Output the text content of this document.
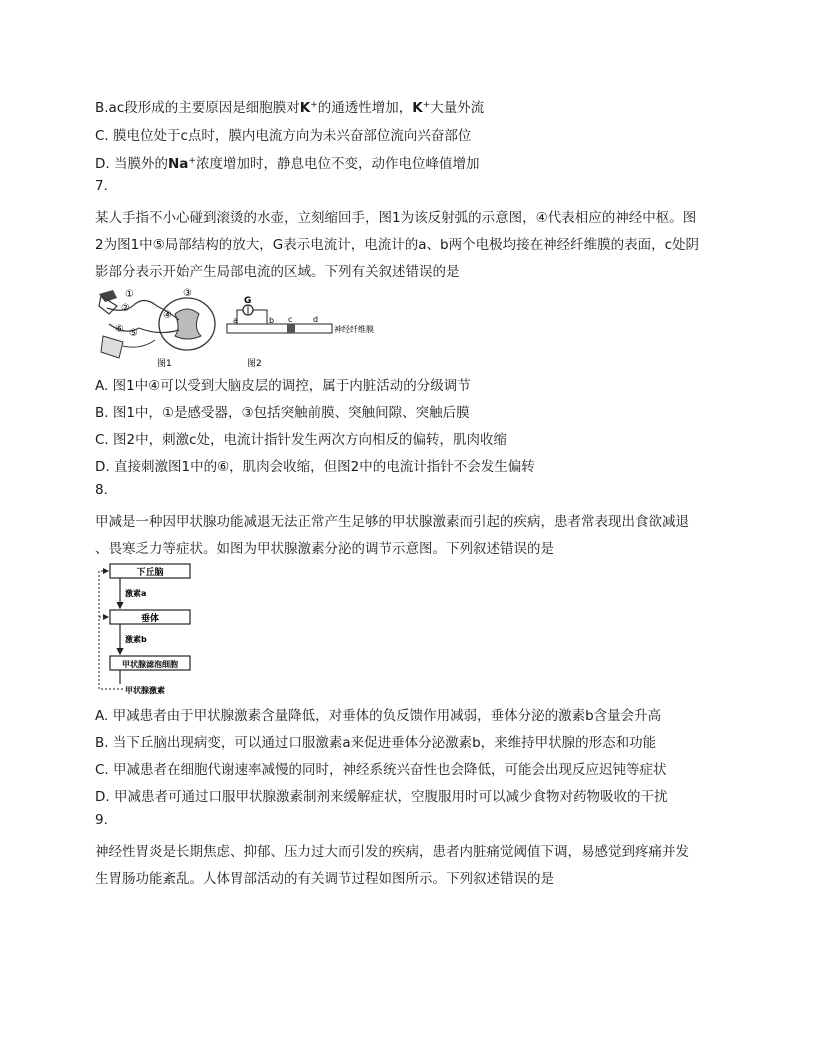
B.ac段形成的主要原因是细胞膜对K+的通透性增加，K+大量外流
C. 膜电位处于c点时，膜内电流方向为未兴奋部位流向兴奋部位
D. 当膜外的Na+浓度增加时，静息电位不变，动作电位峰值增加
7.
某人手指不小心碰到滚烫的水壶，立刻缩回手，图1为该反射弧的示意图，④代表相应的神经中枢。图
2为图1中⑤局部结构的放大，G表示电流计，电流计的a、b两个电极均接在神经纤维膜的表面，c处阴
影部分表示开始产生局部电流的区域。下列有关叙述错误的是
①
②
③
④
⑤
⑥
图1
G
a	b c	d
神经纤维膜
图2
A. 图1中④可以受到大脑皮层的调控，属于内脏活动的分级调节
B. 图1中，①是感受器，③包括突触前膜、突触间隙、突触后膜
C. 图2中，刺激c处，电流计指针发生两次方向相反的偏转，肌肉收缩
D. 直接刺激图1中的⑥，肌肉会收缩，但图2中的电流计指针不会发生偏转
8.
甲减是一种因甲状腺功能减退无法正常产生足够的甲状腺激素而引起的疾病，患者常表现出食欲减退
、畏寒乏力等症状。如图为甲状腺激素分泌的调节示意图。下列叙述错误的是
下丘脑
激素a
垂体
激素b
甲状腺滤泡细胞
甲状腺激素
A. 甲减患者由于甲状腺激素含量降低，对垂体的负反馈作用减弱，垂体分泌的激素b含量会升高
B. 当下丘脑出现病变，可以通过口服激素a来促进垂体分泌激素b，来维持甲状腺的形态和功能
C. 甲减患者在细胞代谢速率减慢的同时，神经系统兴奋性也会降低，可能会出现反应迟钝等症状
D. 甲减患者可通过口服甲状腺激素制剂来缓解症状，空腹服用时可以减少食物对药物吸收的干扰
9.
神经性胃炎是长期焦虑、抑郁、压力过大而引发的疾病，患者内脏痛觉阈值下调，易感觉到疼痛并发
生胃肠功能紊乱。人体胃部活动的有关调节过程如图所示。下列叙述错误的是
